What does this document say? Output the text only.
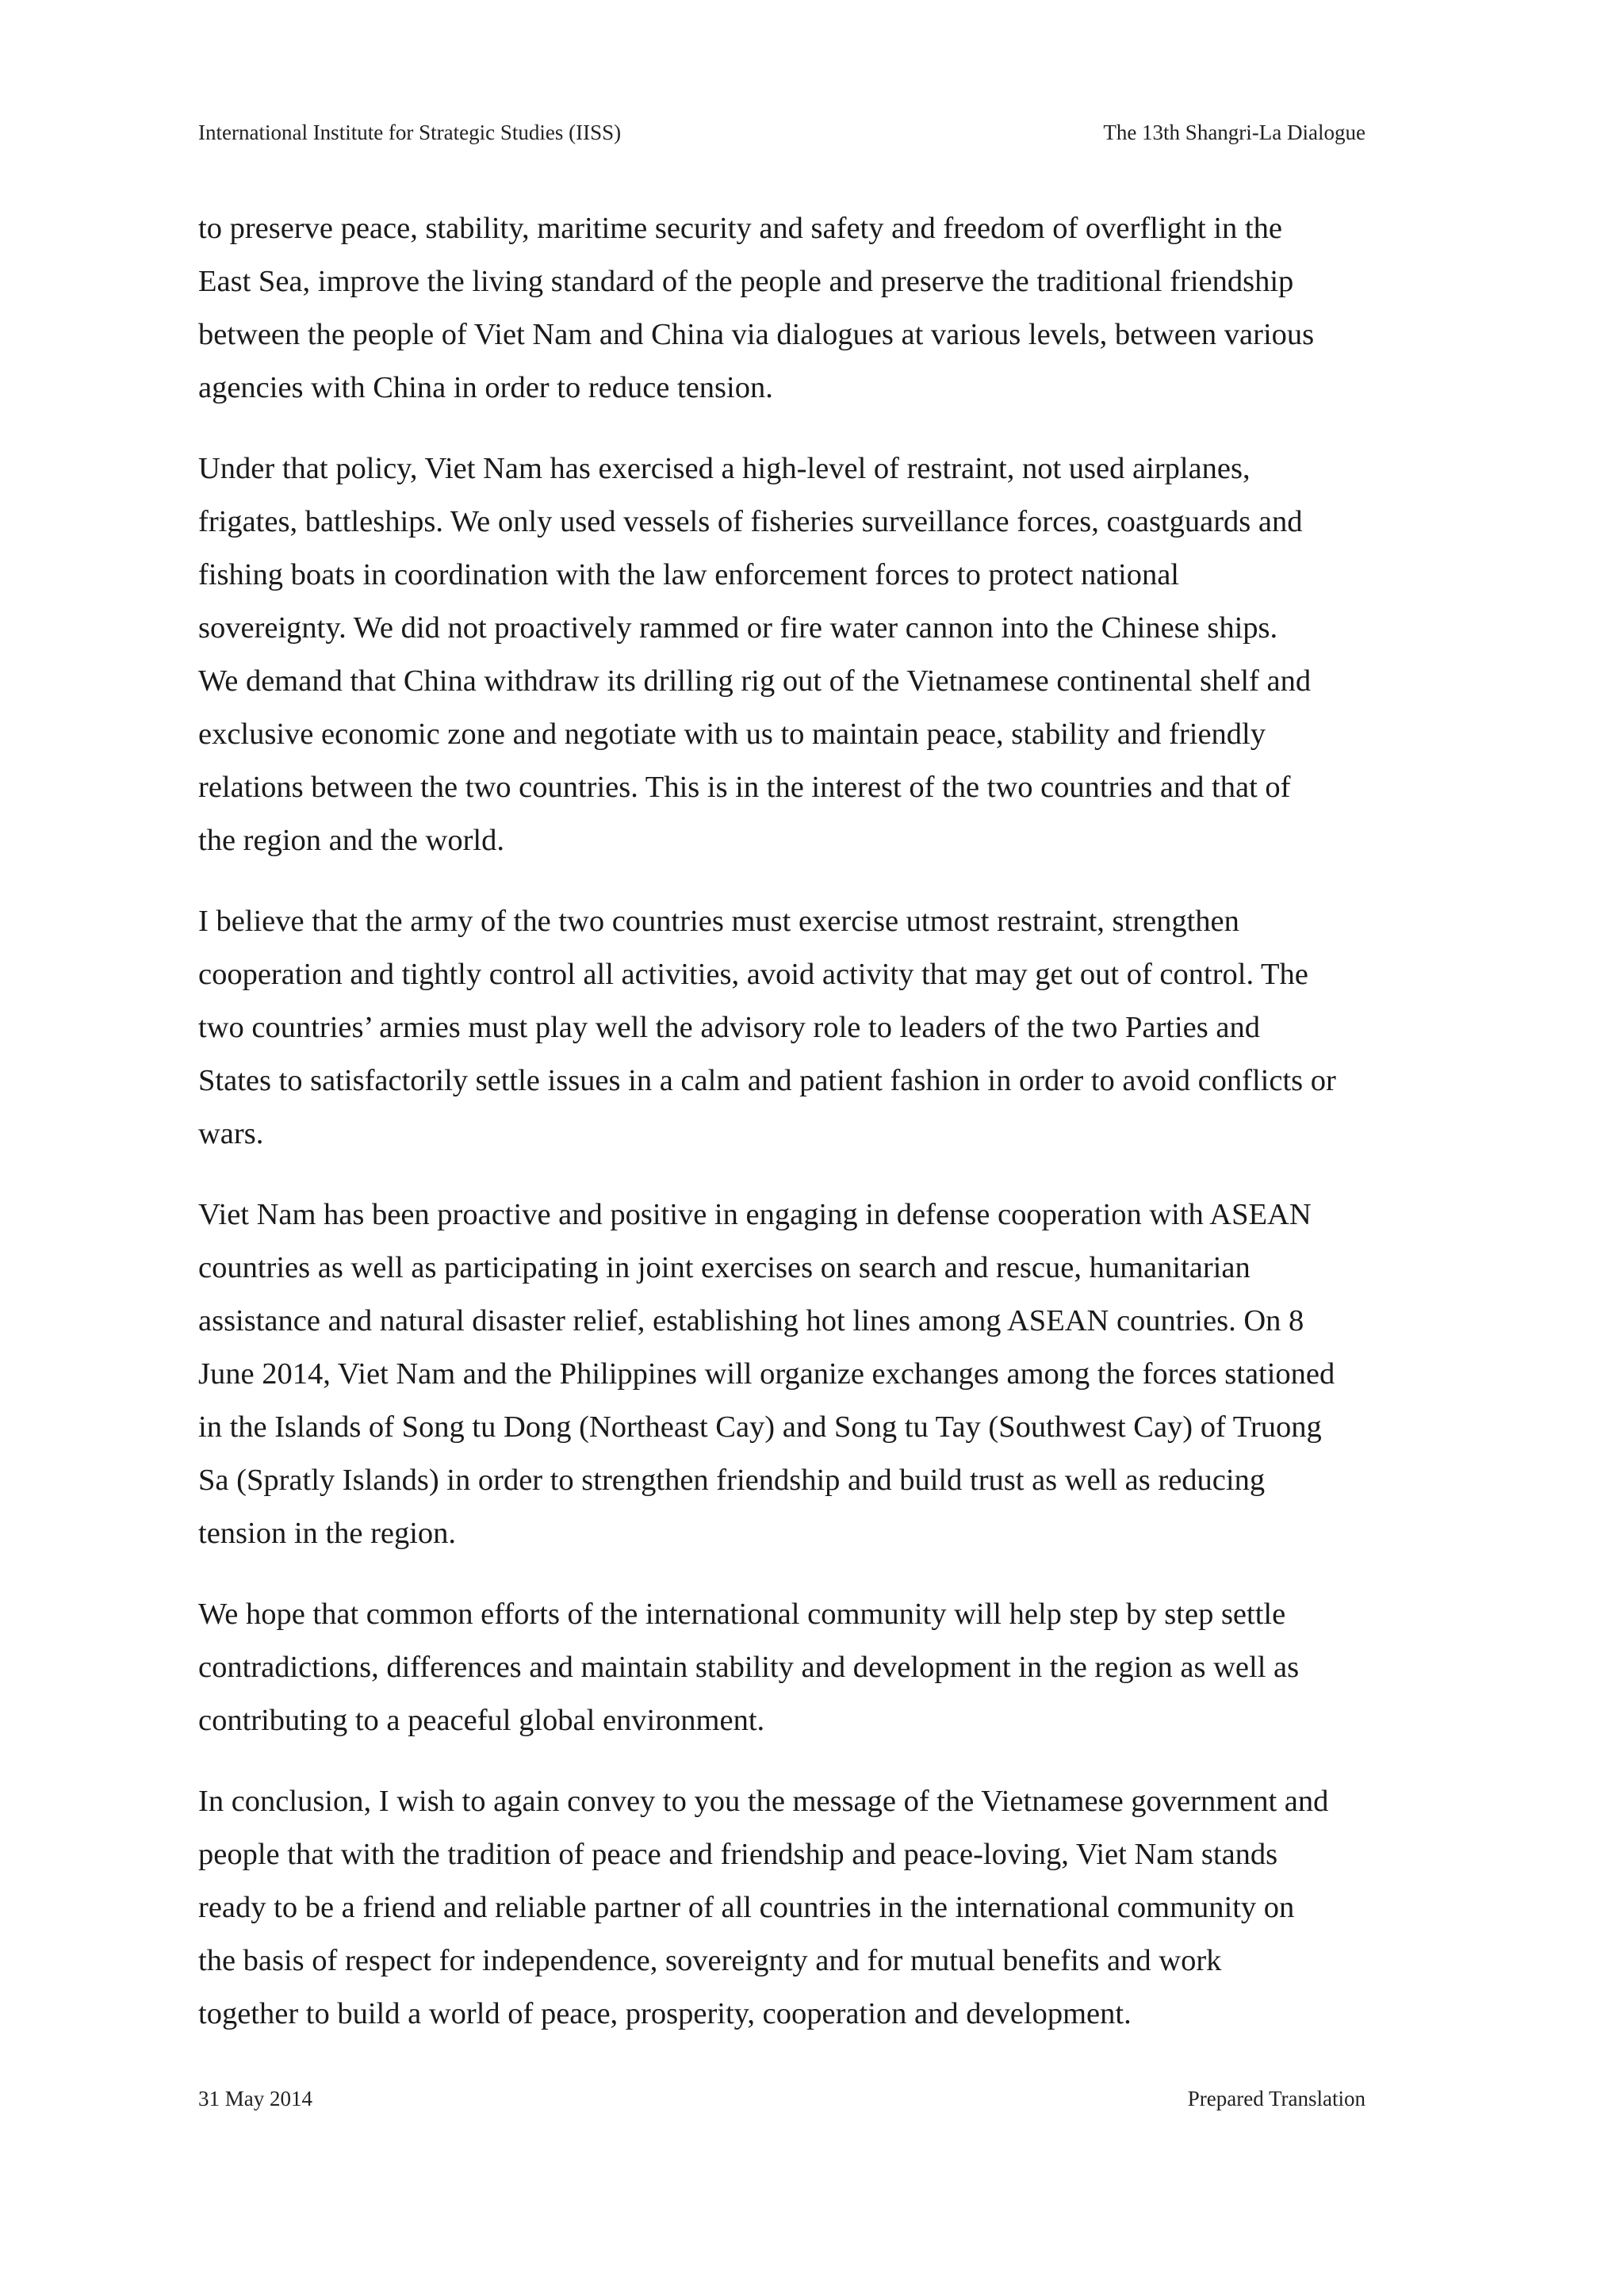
International Institute for Strategic Studies (IISS)	The 13th Shangri-La Dialogue

to preserve peace, stability, maritime security and safety and freedom of overflight in the
East Sea, improve the living standard of the people and preserve the traditional friendship
between the people of Viet Nam and China via dialogues at various levels, between various
agencies with China in order to reduce tension.

Under that policy, Viet Nam has exercised a high-level of restraint, not used airplanes,
frigates, battleships. We only used vessels of fisheries surveillance forces, coastguards and
fishing boats in coordination with the law enforcement forces to protect national
sovereignty. We did not proactively rammed or fire water cannon into the Chinese ships.
We demand that China withdraw its drilling rig out of the Vietnamese continental shelf and
exclusive economic zone and negotiate with us to maintain peace, stability and friendly
relations between the two countries. This is in the interest of the two countries and that of
the region and the world.

I believe that the army of the two countries must exercise utmost restraint, strengthen
cooperation and tightly control all activities, avoid activity that may get out of control. The
two countries’ armies must play well the advisory role to leaders of the two Parties and
States to satisfactorily settle issues in a calm and patient fashion in order to avoid conflicts or
wars.

Viet Nam has been proactive and positive in engaging in defense cooperation with ASEAN
countries as well as participating in joint exercises on search and rescue, humanitarian
assistance and natural disaster relief, establishing hot lines among ASEAN countries. On 8
June 2014, Viet Nam and the Philippines will organize exchanges among the forces stationed
in the Islands of Song tu Dong (Northeast Cay) and Song tu Tay (Southwest Cay) of Truong
Sa (Spratly Islands) in order to strengthen friendship and build trust as well as reducing
tension in the region.

We hope that common efforts of the international community will help step by step settle
contradictions, differences and maintain stability and development in the region as well as
contributing to a peaceful global environment.

In conclusion, I wish to again convey to you the message of the Vietnamese government and
people that with the tradition of peace and friendship and peace-loving, Viet Nam stands
ready to be a friend and reliable partner of all countries in the international community on
the basis of respect for independence, sovereignty and for mutual benefits and work
together to build a world of peace, prosperity, cooperation and development.

31 May 2014	Prepared Translation
